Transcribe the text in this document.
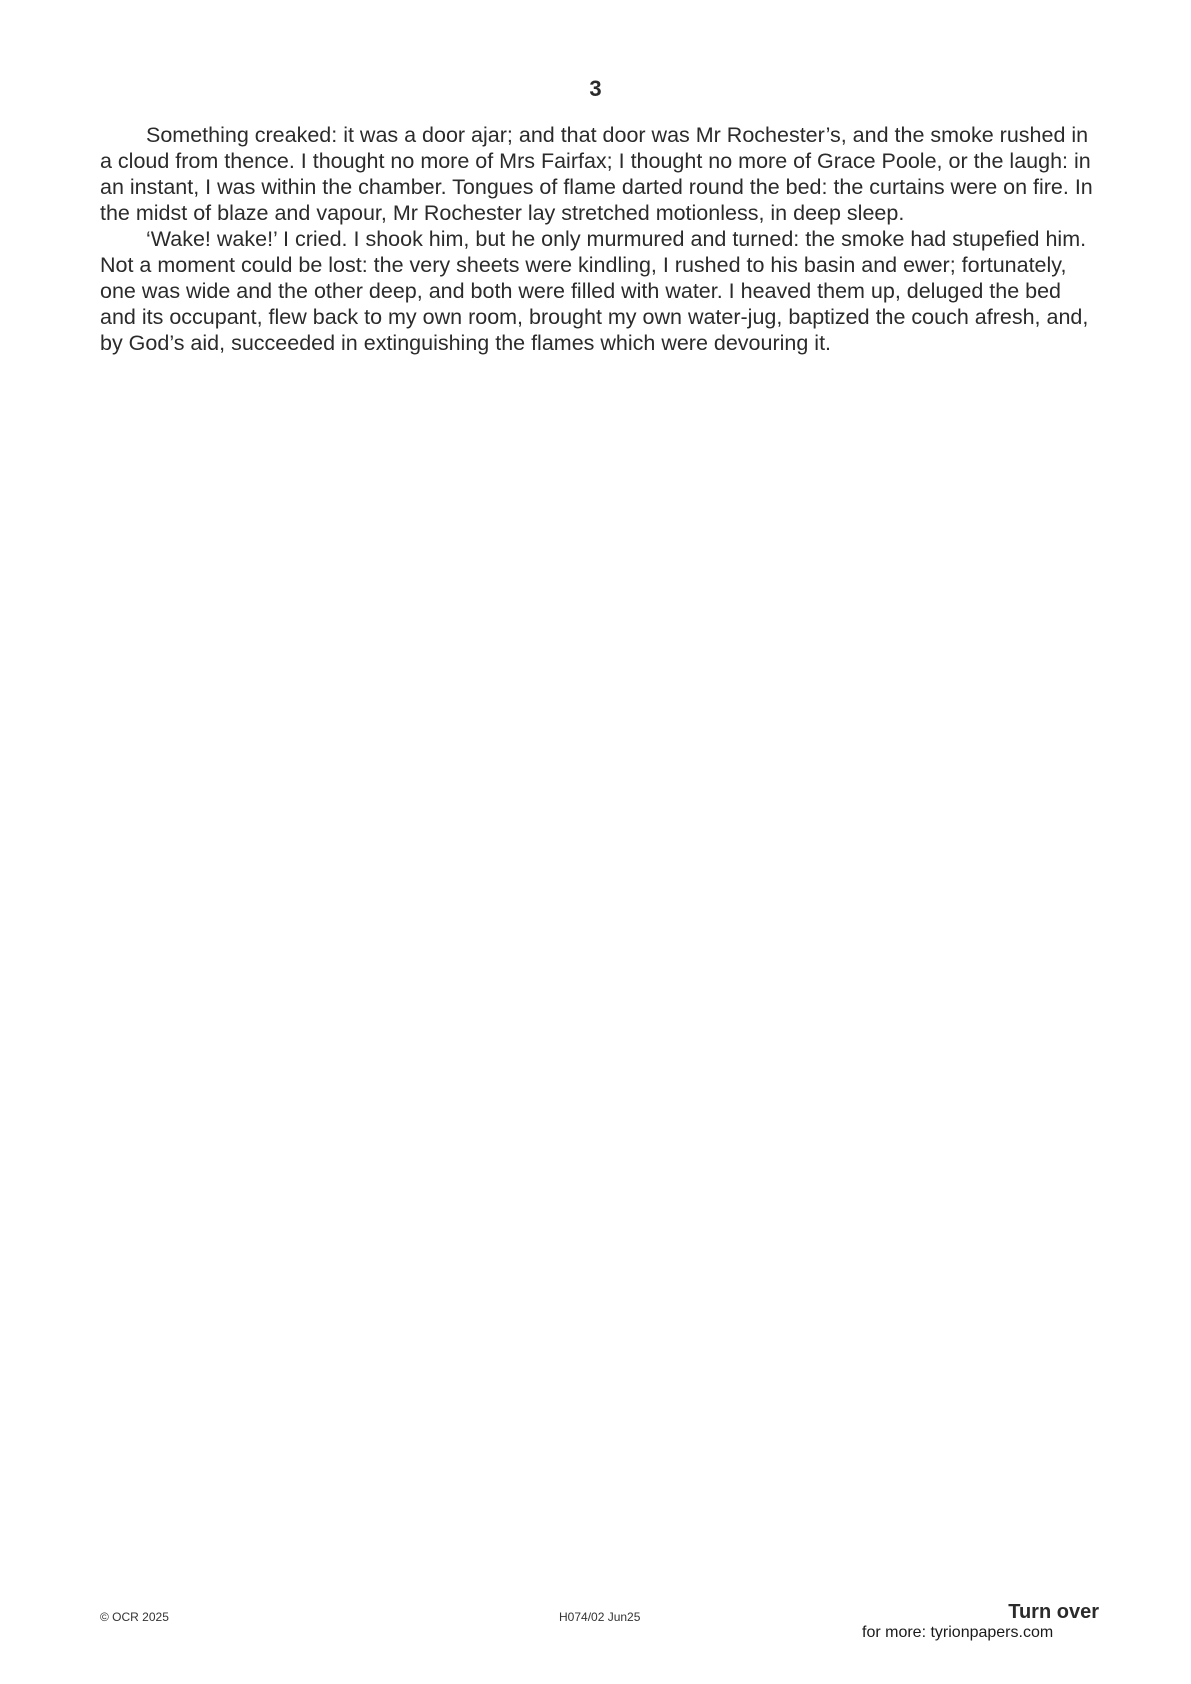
3

Something creaked: it was a door ajar; and that door was Mr Rochester’s, and the smoke rushed in a cloud from thence. I thought no more of Mrs Fairfax; I thought no more of Grace Poole, or the laugh: in an instant, I was within the chamber. Tongues of flame darted round the bed: the curtains were on fire. In the midst of blaze and vapour, Mr Rochester lay stretched motionless, in deep sleep.

‘Wake! wake!’ I cried. I shook him, but he only murmured and turned: the smoke had stupefied him. Not a moment could be lost: the very sheets were kindling, I rushed to his basin and ewer; fortunately, one was wide and the other deep, and both were filled with water. I heaved them up, deluged the bed and its occupant, flew back to my own room, brought my own water-jug, baptized the couch afresh, and, by God’s aid, succeeded in extinguishing the flames which were devouring it.

© OCR 2025	H074/02 Jun25	Turn over
for more: tyrionpapers.com
